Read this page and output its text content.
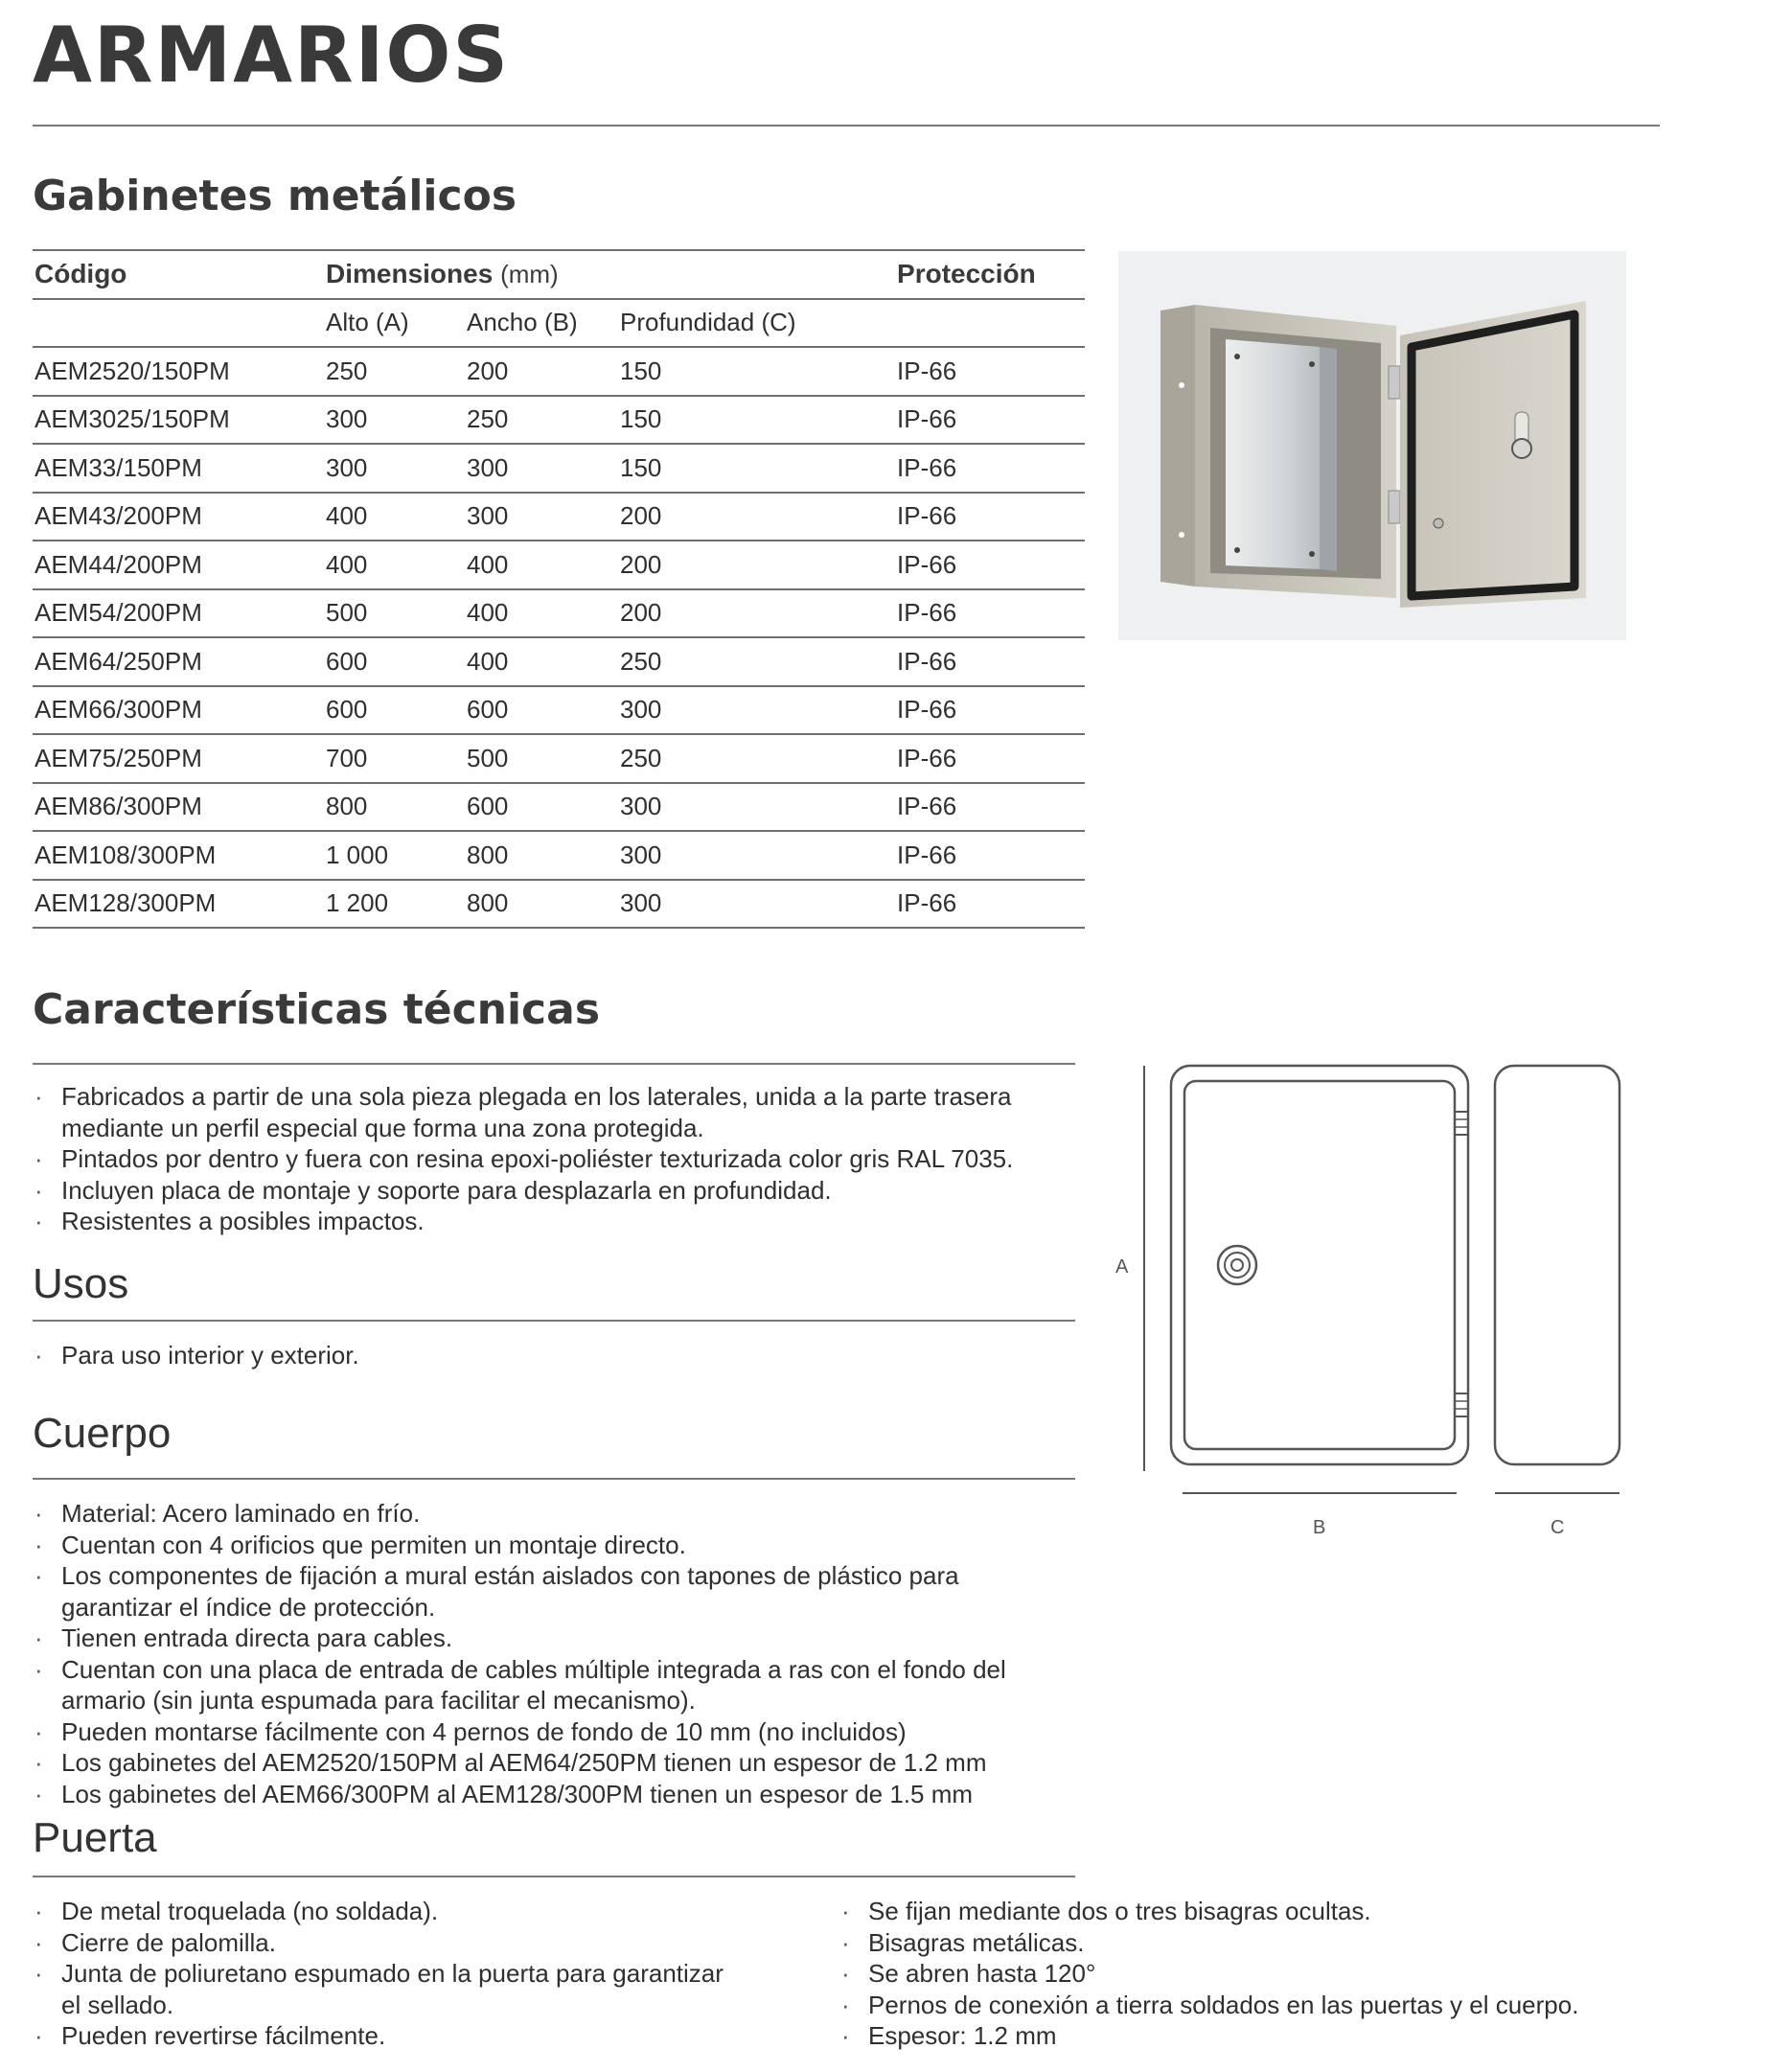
ARMARIOS
Gabinetes metálicos
Código	Dimensiones (mm)			Protección
	Alto (A)	Ancho (B)	Profundidad (C)	
AEM2520/150PM	250	200	150	IP-66
AEM3025/150PM	300	250	150	IP-66
AEM33/150PM	300	300	150	IP-66
AEM43/200PM	400	300	200	IP-66
AEM44/200PM	400	400	200	IP-66
AEM54/200PM	500	400	200	IP-66
AEM64/250PM	600	400	250	IP-66
AEM66/300PM	600	600	300	IP-66
AEM75/250PM	700	500	250	IP-66
AEM86/300PM	800	600	300	IP-66
AEM108/300PM	1 000	800	300	IP-66
AEM128/300PM	1 200	800	300	IP-66
Características técnicas
· Fabricados a partir de una sola pieza plegada en los laterales, unida a la parte trasera
mediante un perfil especial que forma una zona protegida.
· Pintados por dentro y fuera con resina epoxi-poliéster texturizada color gris RAL 7035.
· Incluyen placa de montaje y soporte para desplazarla en profundidad.
· Resistentes a posibles impactos.
Usos
· Para uso interior y exterior.
Cuerpo
· Material: Acero laminado en frío.
· Cuentan con 4 orificios que permiten un montaje directo.
· Los componentes de fijación a mural están aislados con tapones de plástico para
garantizar el índice de protección.
· Tienen entrada directa para cables.
· Cuentan con una placa de entrada de cables múltiple integrada a ras con el fondo del
armario (sin junta espumada para facilitar el mecanismo).
· Pueden montarse fácilmente con 4 pernos de fondo de 10 mm (no incluidos)
· Los gabinetes del AEM2520/150PM al AEM64/250PM tienen un espesor de 1.2 mm
· Los gabinetes del AEM66/300PM al AEM128/300PM tienen un espesor de 1.5 mm
Puerta
· De metal troquelada (no soldada).
· Cierre de palomilla.
· Junta de poliuretano espumado en la puerta para garantizar
el sellado.
· Pueden revertirse fácilmente.
· Se fijan mediante dos o tres bisagras ocultas.
· Bisagras metálicas.
· Se abren hasta 120°
· Pernos de conexión a tierra soldados en las puertas y el cuerpo.
· Espesor: 1.2 mm
A
B	C
